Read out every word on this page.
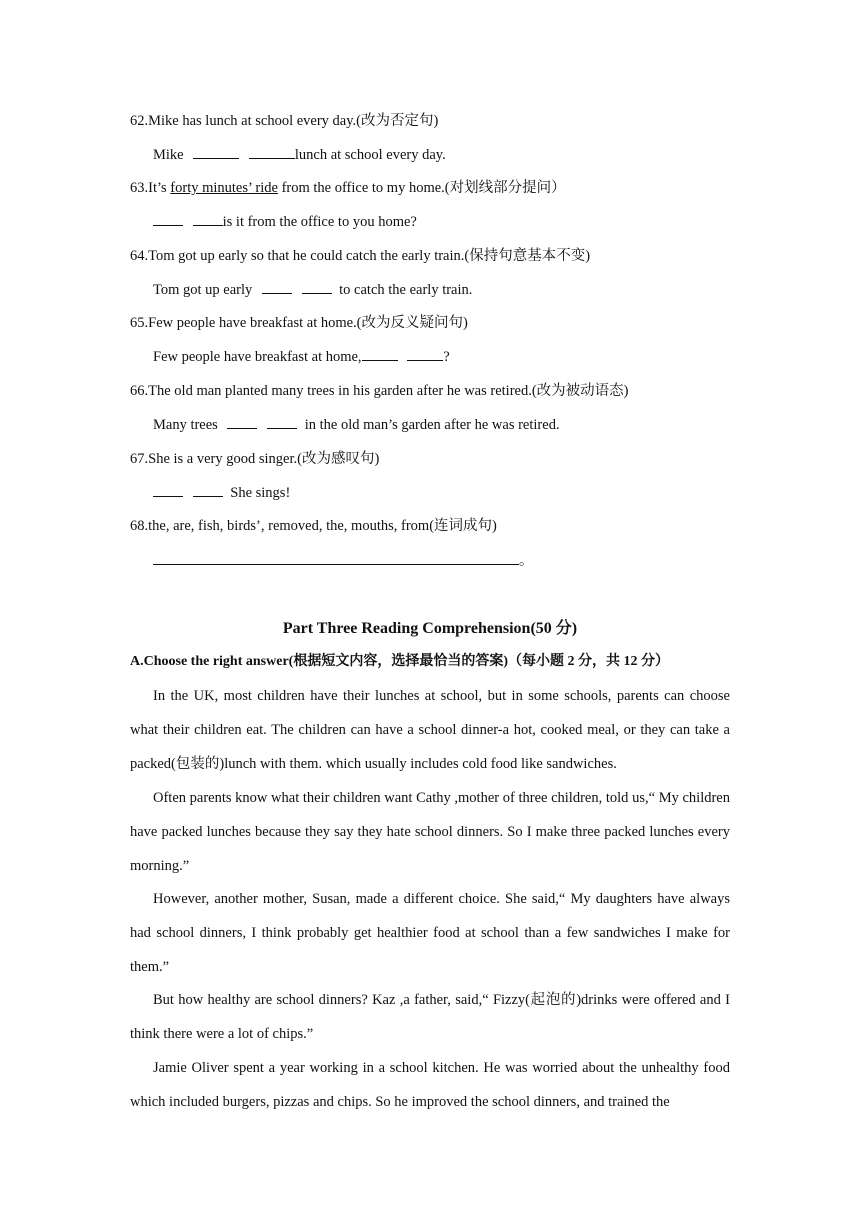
62.Mike has lunch at school every day.(改为否定句)
Mike	lunch at school every day.
63.It’s forty minutes’ ride from the office to my home.(对划线部分提问）
is it from the office to you home?
64.Tom got up early so that he could catch the early train.(保持句意基本不变)
Tom got up early	to catch the early train.
65.Few people have breakfast at home.(改为反义疑问句)
Few people have breakfast at home,	?
66.The old man planted many trees in his garden after he was retired.(改为被动语态)
Many trees	in the old man’s garden after he was retired.
67.She is a very good singer.(改为感叹句)
She sings!
68.the, are, fish, birds’, removed, the, mouths, from(连词成句)
。
Part Three Reading Comprehension(50 分)
A.Choose the right answer(根据短文内容，选择最恰当的答案)（每小题 2 分，共 12 分）
In the UK, most children have their lunches at school, but in some schools, parents can choose what their children eat. The children can have a school dinner-a hot, cooked meal, or they can take a packed(包装的)lunch with them. which usually includes cold food like sandwiches.
Often parents know what their children want Cathy ,mother of three children, told us,“ My children have packed lunches because they say they hate school dinners. So I make three packed lunches every morning.”
However, another mother, Susan, made a different choice. She said,“ My daughters have always had school dinners, I think probably get healthier food at school than a few sandwiches I make for them.”
But how healthy are school dinners? Kaz ,a father, said,“ Fizzy(起泡的)drinks were offered and I think there were a lot of chips.”
Jamie Oliver spent a year working in a school kitchen. He was worried about the unhealthy food which included burgers, pizzas and chips. So he improved the school dinners, and trained the
